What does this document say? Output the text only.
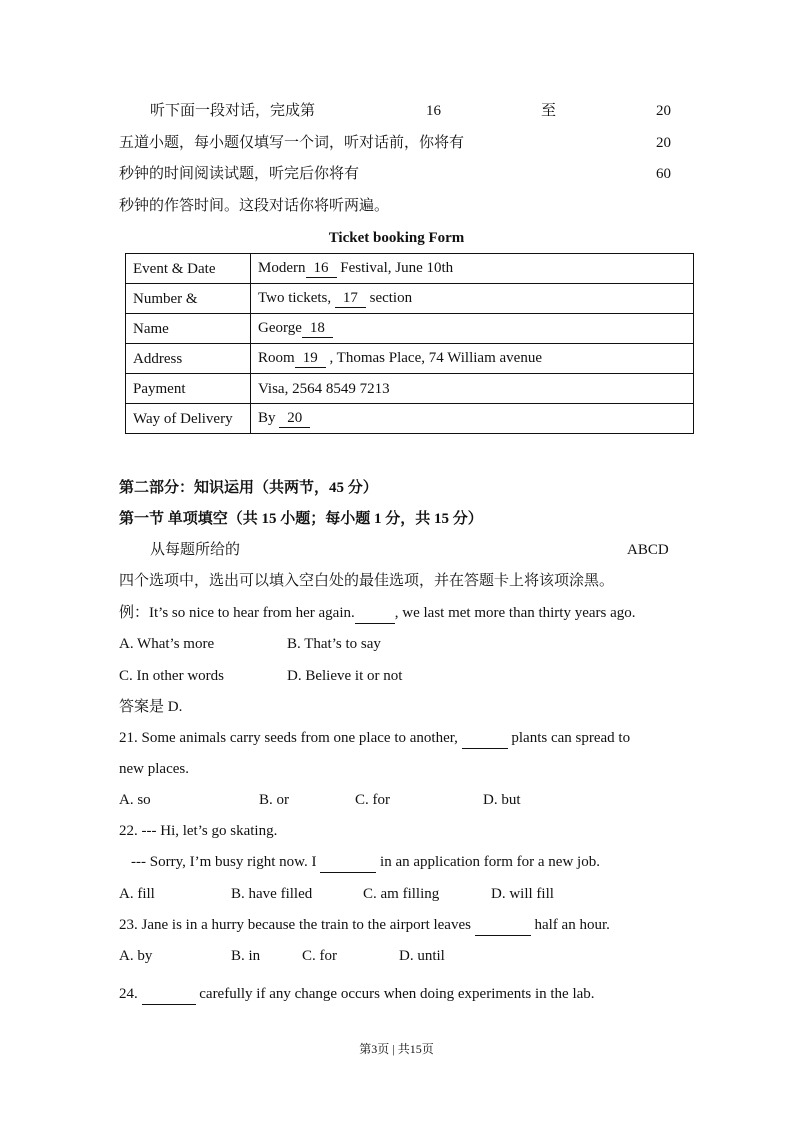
听下面一段对话，完成第	16	至	20
五道小题，每小题仅填写一个词，听对话前，你将有	20
秒钟的时间阅读试题，听完后你将有	60
秒钟的作答时间。这段对话你将听两遍。
Ticket booking Form
Event & Date	Modern 16 Festival, June 10th
Number &	Two tickets, 17 section
Name	George 18
Address	Room 19 , Thomas Place, 74 William avenue
Payment	Visa, 2564 8549 7213
Way of Delivery	By 20
第二部分：知识运用（共两节，45 分）
第一节 单项填空（共 15 小题；每小题 1 分，共 15 分）
从每题所给的	ABCD
四个选项中，选出可以填入空白处的最佳选项，并在答题卡上将该项涂黑。
例：It’s so nice to hear from her again.	, we last met more than thirty years ago.
A. What’s more	B. That’s to say
C. In other words	D. Believe it or not
答案是 D.
21. Some animals carry seeds from one place to another,	plants can spread to
new places.
A. so	B. or	C. for	D. but
22. --- Hi, let’s go skating.
--- Sorry, I’m busy right now. I	in an application form for a new job.
A. fill	B. have filled	C. am filling	D. will fill
23. Jane is in a hurry because the train to the airport leaves	half an hour.
A. by	B. in	C. for	D. until
24.	carefully if any change occurs when doing experiments in the lab.
第3页 | 共15页
